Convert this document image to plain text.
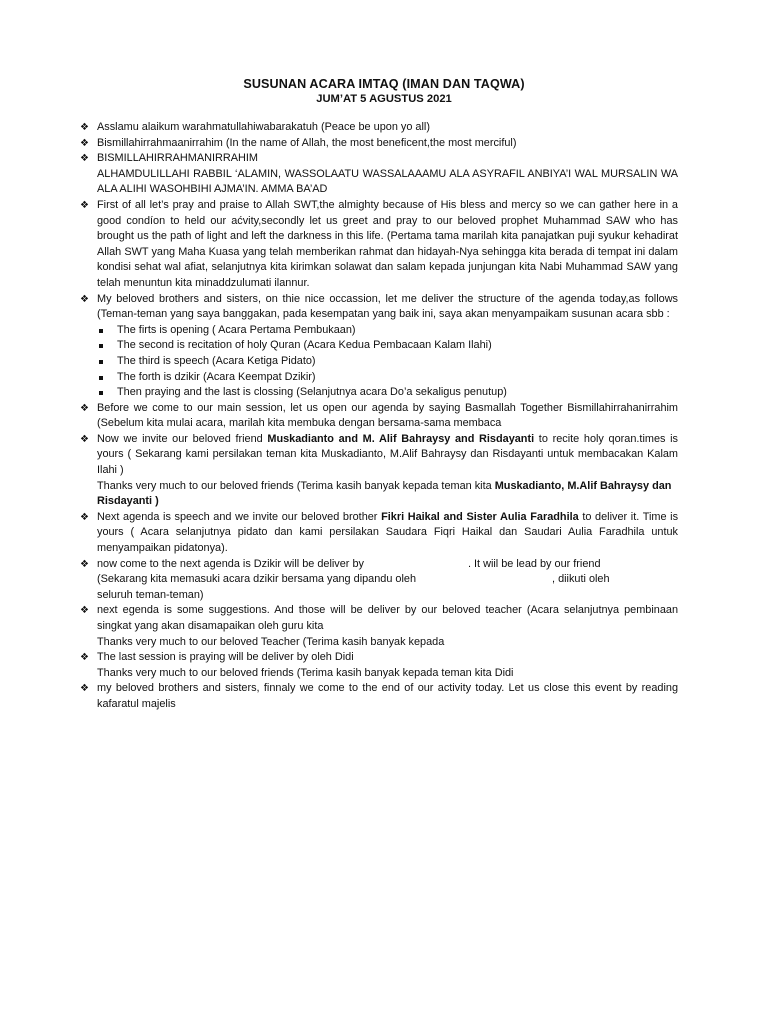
SUSUNAN ACARA IMTAQ (IMAN DAN TAQWA)
JUM’AT 5 AGUSTUS 2021
❖ Asslamu alaikum warahmatullahiwabarakatuh (Peace be upon yo all)

❖ Bismillahirrahmaanirrahim (In the name of Allah, the most beneficent,the most merciful)

❖ BISMILLAHIRRAHMANIRRAHIM

ALHAMDULILLAHI RABBIL ‘ALAMIN, WASSOLAATU WASSALAAAMU ALA ASYRAFIL ANBIYA’I WAL MURSALIN WA ALA ALIHI WASOHBIHI AJMA’IN. AMMA BA’AD

❖ First of all let’s pray and praise to Allah SWT,the almighty because of His bless and mercy so we can gather here in a good condíon to held our aćvity,secondly let us greet and pray to our beloved prophet Muhammad SAW who has brought us the path of light and left the darkness in this life. (Pertama tama marilah kita panajatkan puji syukur kehadirat Allah SWT yang Maha Kuasa yang telah memberikan rahmat dan hidayah-Nya sehingga kita berada di tempat ini dalam kondisi sehat wal afiat, selanjutnya kita kirimkan solawat dan salam kepada junjungan kita Nabi Muhammad SAW yang telah menuntun kita minaddzulumati ilannur.

❖ My beloved brothers and sisters, on thie nice occassion, let me deliver the structure of the agenda today,as follows (Teman-teman yang saya banggakan, pada kesempatan yang baik ini, saya akan menyampaikam susunan acara sbb :

The firts is opening ( Acara Pertama Pembukaan)
The second is recitation of holy Quran (Acara Kedua Pembacaan Kalam Ilahi)
The third is speech (Acara Ketiga Pidato)
The forth is dzikir (Acara Keempat Dzikir)
Then praying and the last is clossing (Selanjutnya acara Do’a sekaligus penutup)
❖ Before we come to our main session, let us open our agenda by saying Basmallah Together Bismillahirrahanirrahim (Sebelum kita mulai acara, marilah kita membuka dengan bersama-sama membaca

❖ Now we invite our beloved friend Muskadianto and M. Alif Bahraysy and Risdayanti to recite holy qoran.times is yours ( Sekarang kami persilakan teman kita Muskadianto, M.Alif Bahraysy dan Risdayanti untuk membacakan Kalam Ilahi )

Thanks very much to our beloved friends (Terima kasih banyak kepada teman kita Muskadianto, M.Alif Bahraysy dan Risdayanti )

❖ Next agenda is speech and we invite our beloved brother Fikri Haikal and Sister Aulia Faradhila to deliver it. Time is yours ( Acara selanjutnya pidato dan kami persilakan Saudara Fiqri Haikal dan Saudari Aulia Faradhila untuk menyampaikan pidatonya).

❖ now come to the next agenda is Dzikir will be deliver by	. It wiil be lead by our friend

(Sekarang kita memasuki acara dzikir bersama yang dipandu oleh	, diikuti oleh

seluruh teman-teman)

❖ next egenda is some suggestions. And those will be deliver by our beloved teacher (Acara selanjutnya pembinaan singkat yang akan disamapaikan oleh guru kita

Thanks very much to our beloved Teacher (Terima kasih banyak kepada

❖ The last session is praying will be deliver by oleh Didi

Thanks very much to our beloved friends (Terima kasih banyak kepada teman kita Didi

❖ my beloved brothers and sisters, finnaly we come to the end of our activity today. Let us close this event by reading kafaratul majelis
